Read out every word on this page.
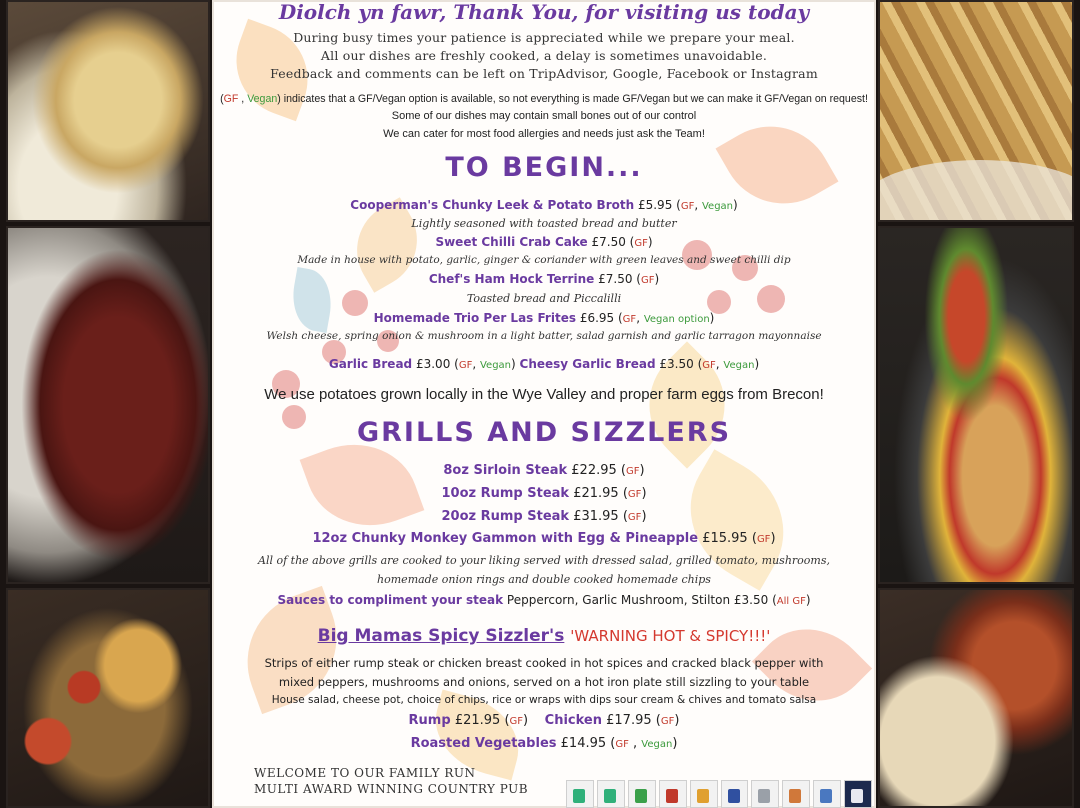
Diolch yn fawr, Thank You, for visiting us today
During busy times your patience is appreciated while we prepare your meal.
All our dishes are freshly cooked, a delay is sometimes unavoidable.
Feedback and comments can be left on TripAdvisor, Google, Facebook or Instagram
(GF , Vegan) indicates that a GF/Vegan option is available, so not everything is made GF/Vegan but we can make it GF/Vegan on request!
Some of our dishes may contain small bones out of our control
We can cater for most food allergies and needs just ask the Team!
TO BEGIN...
Cooperman's Chunky Leek & Potato Broth £5.95 (GF, Vegan)
Lightly seasoned with toasted bread and butter
Sweet Chilli Crab Cake £7.50 (GF)
Made in house with potato, garlic, ginger & coriander with green leaves and sweet chilli dip
Chef's Ham Hock Terrine £7.50 (GF)
Toasted bread and Piccalilli
Homemade Trio Per Las Frites £6.95 (GF, Vegan option)
Welsh cheese, spring onion & mushroom in a light batter, salad garnish and garlic tarragon mayonnaise
Garlic Bread £3.00 (GF, Vegan) Cheesy Garlic Bread £3.50 (GF, Vegan)
We use potatoes grown locally in the Wye Valley and proper farm eggs from Brecon!
GRILLS AND SIZZLERS
8oz Sirloin Steak £22.95 (GF)
10oz Rump Steak £21.95 (GF)
20oz Rump Steak £31.95 (GF)
12oz Chunky Monkey Gammon with Egg & Pineapple £15.95 (GF)
All of the above grills are cooked to your liking served with dressed salad, grilled tomato, mushrooms,
homemade onion rings and double cooked homemade chips
Sauces to compliment your steak Peppercorn, Garlic Mushroom, Stilton £3.50 (All GF)
Big Mamas Spicy Sizzler's 'WARNING HOT & SPICY!!!'
Strips of either rump steak or chicken breast cooked in hot spices and cracked black pepper with
mixed peppers, mushrooms and onions, served on a hot iron plate still sizzling to your table
House salad, cheese pot, choice of chips, rice or wraps with dips sour cream & chives and tomato salsa
Rump £21.95 (GF)    Chicken £17.95 (GF)
Roasted Vegetables £14.95 (GF , Vegan)
WELCOME TO OUR FAMILY RUN
MULTI AWARD WINNING COUNTRY PUB
